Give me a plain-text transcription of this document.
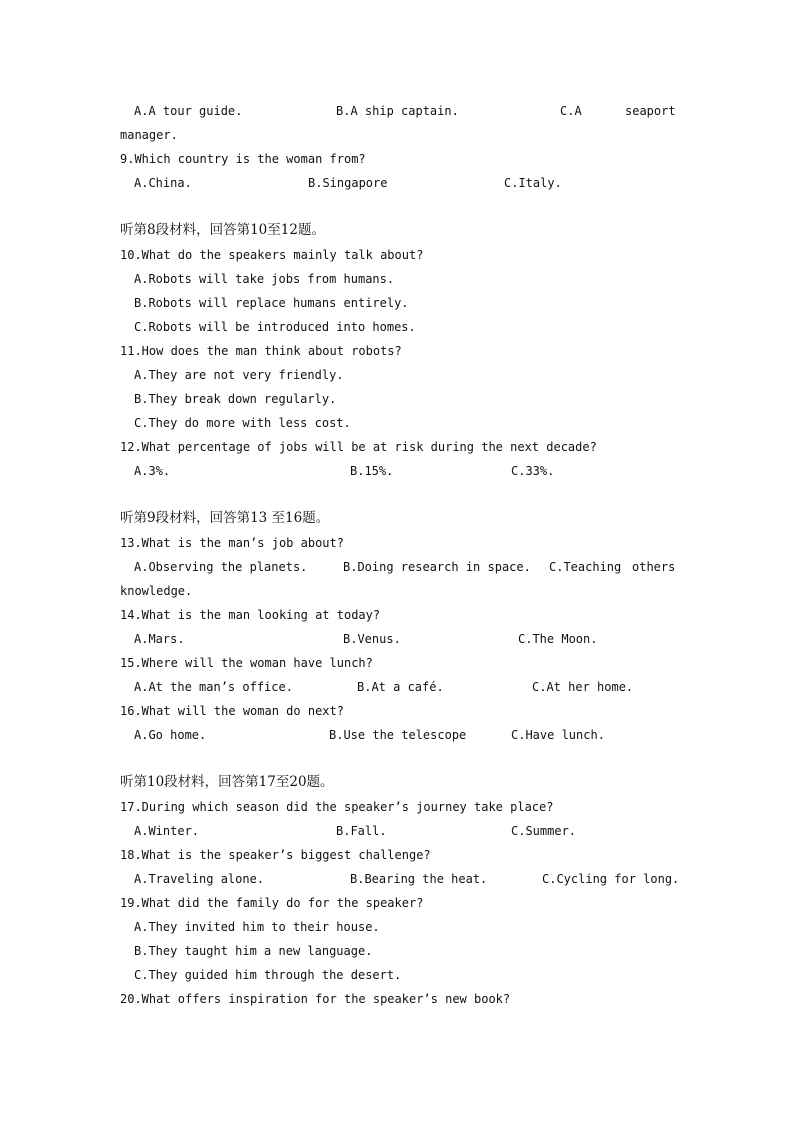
A.A tour guide.	B.A ship captain.	C.A	seaport
manager.
9.Which country is the woman from?
A.China.	B.Singapore	C.Italy.
听第8段材料，回答第10至12题。
10.What do the speakers mainly talk about?
A.Robots will take jobs from humans.
B.Robots will replace humans entirely.
C.Robots will be introduced into homes.
11.How does the man think about robots?
A.They are not very friendly.
B.They break down regularly.
C.They do more with less cost.
12.What percentage of jobs will be at risk during the next decade?
A.3%.	B.15%.	C.33%.
听第9段材料，回答第13 至16题。
13.What is the man’s job about?
A.Observing the planets.	B.Doing research in space. C.Teaching others
knowledge.
14.What is the man looking at today?
A.Mars.	B.Venus.	C.The Moon.
15.Where will the woman have lunch?
A.At the man’s office.	B.At a café.	C.At her home.
16.What will the woman do next?
A.Go home.	B.Use the telescope	C.Have lunch.
听第10段材料，回答第17至20题。
17.During which season did the speaker’s journey take place?
A.Winter.	B.Fall.	C.Summer.
18.What is the speaker’s biggest challenge?
A.Traveling alone.	B.Bearing the heat.	C.Cycling for long.
19.What did the family do for the speaker?
A.They invited him to their house.
B.They taught him a new language.
C.They guided him through the desert.
20.What offers inspiration for the speaker’s new book?
